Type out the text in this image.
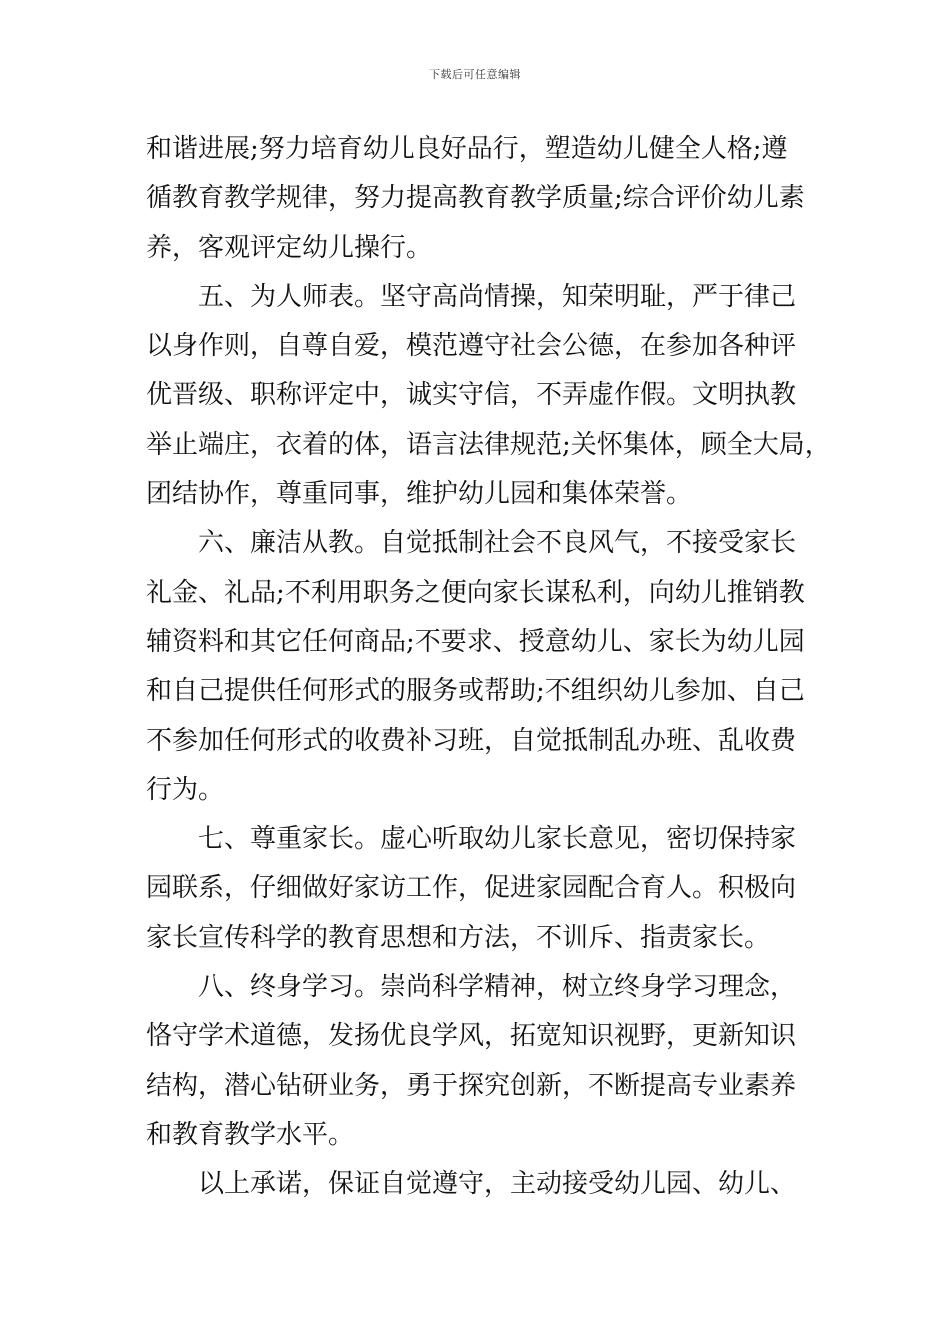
下载后可任意编辑
和谐进展;努力培育幼儿良好品行，塑造幼儿健全人格;遵
循教育教学规律，努力提高教育教学质量;综合评价幼儿素
养，客观评定幼儿操行。
五、为人师表。坚守高尚情操，知荣明耻，严于律己
以身作则，自尊自爱，模范遵守社会公德，在参加各种评
优晋级、职称评定中，诚实守信，不弄虚作假。文明执教
举止端庄，衣着的体，语言法律规范;关怀集体，顾全大局，
团结协作，尊重同事，维护幼儿园和集体荣誉。
六、廉洁从教。自觉抵制社会不良风气，不接受家长
礼金、礼品;不利用职务之便向家长谋私利，向幼儿推销教
辅资料和其它任何商品;不要求、授意幼儿、家长为幼儿园
和自己提供任何形式的服务或帮助;不组织幼儿参加、自己
不参加任何形式的收费补习班，自觉抵制乱办班、乱收费
行为。
七、尊重家长。虚心听取幼儿家长意见，密切保持家
园联系，仔细做好家访工作，促进家园配合育人。积极向
家长宣传科学的教育思想和方法，不训斥、指责家长。
八、终身学习。崇尚科学精神，树立终身学习理念，
恪守学术道德，发扬优良学风，拓宽知识视野，更新知识
结构，潜心钻研业务，勇于探究创新，不断提高专业素养
和教育教学水平。
以上承诺，保证自觉遵守，主动接受幼儿园、幼儿、
